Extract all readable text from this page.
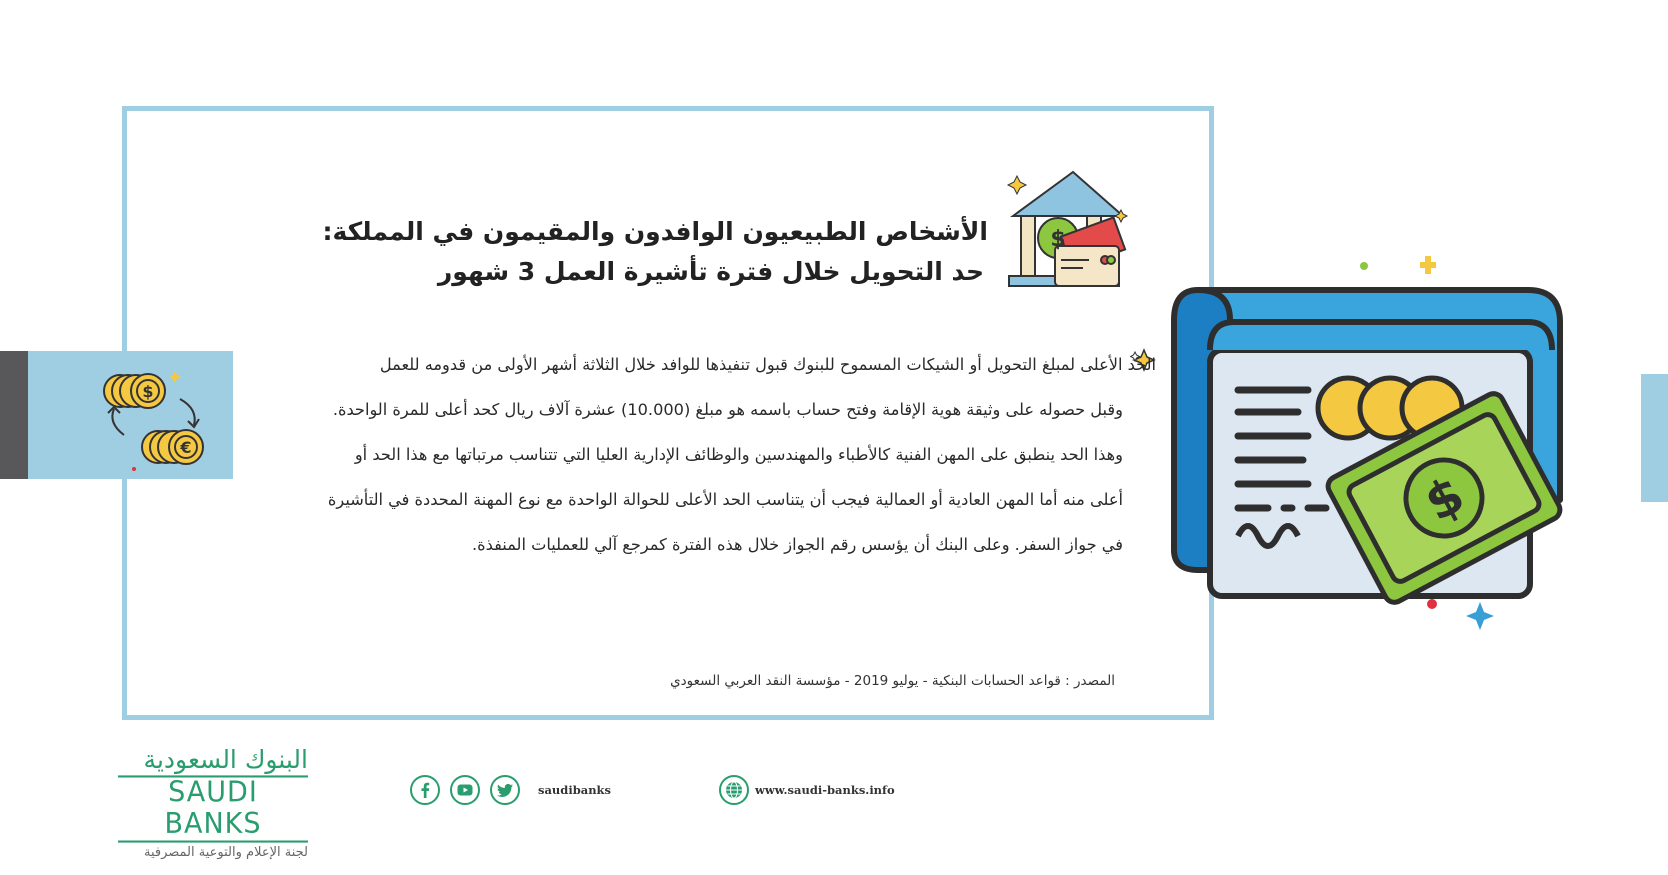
$
€
$
الأشخاص الطبيعيون الوافدون والمقيمون في المملكة:
حد التحويل خلال فترة تأشيرة العمل 3 شهور
الحد الأعلى لمبلغ التحويل أو الشيكات المسموح للبنوك قبول تنفيذها للوافد خلال الثلاثة أشهر الأولى من قدومه للعمل
وقبل حصوله على وثيقة هوية الإقامة وفتح حساب باسمه هو مبلغ (10.000) عشرة آلاف ريال كحد أعلى للمرة الواحدة.
وهذا الحد ينطبق على المهن الفنية كالأطباء والمهندسين والوظائف الإدارية العليا التي تتناسب مرتباتها مع هذا الحد أو
أعلى منه أما المهن العادية أو العمالية فيجب أن يتناسب الحد الأعلى للحوالة الواحدة مع نوع المهنة المحددة في التأشيرة
في جواز السفر. وعلى البنك أن يؤسس رقم الجواز خلال هذه الفترة كمرجع آلي للعمليات المنفذة.
المصدر : قواعد الحسابات البنكية - يوليو 2019 - مؤسسة النقد العربي السعودي
$
البنوك السعودية
SAUDI BANKS
لجنة الإعلام والتوعية المصرفية
saudibanks	www.saudi-banks.info
